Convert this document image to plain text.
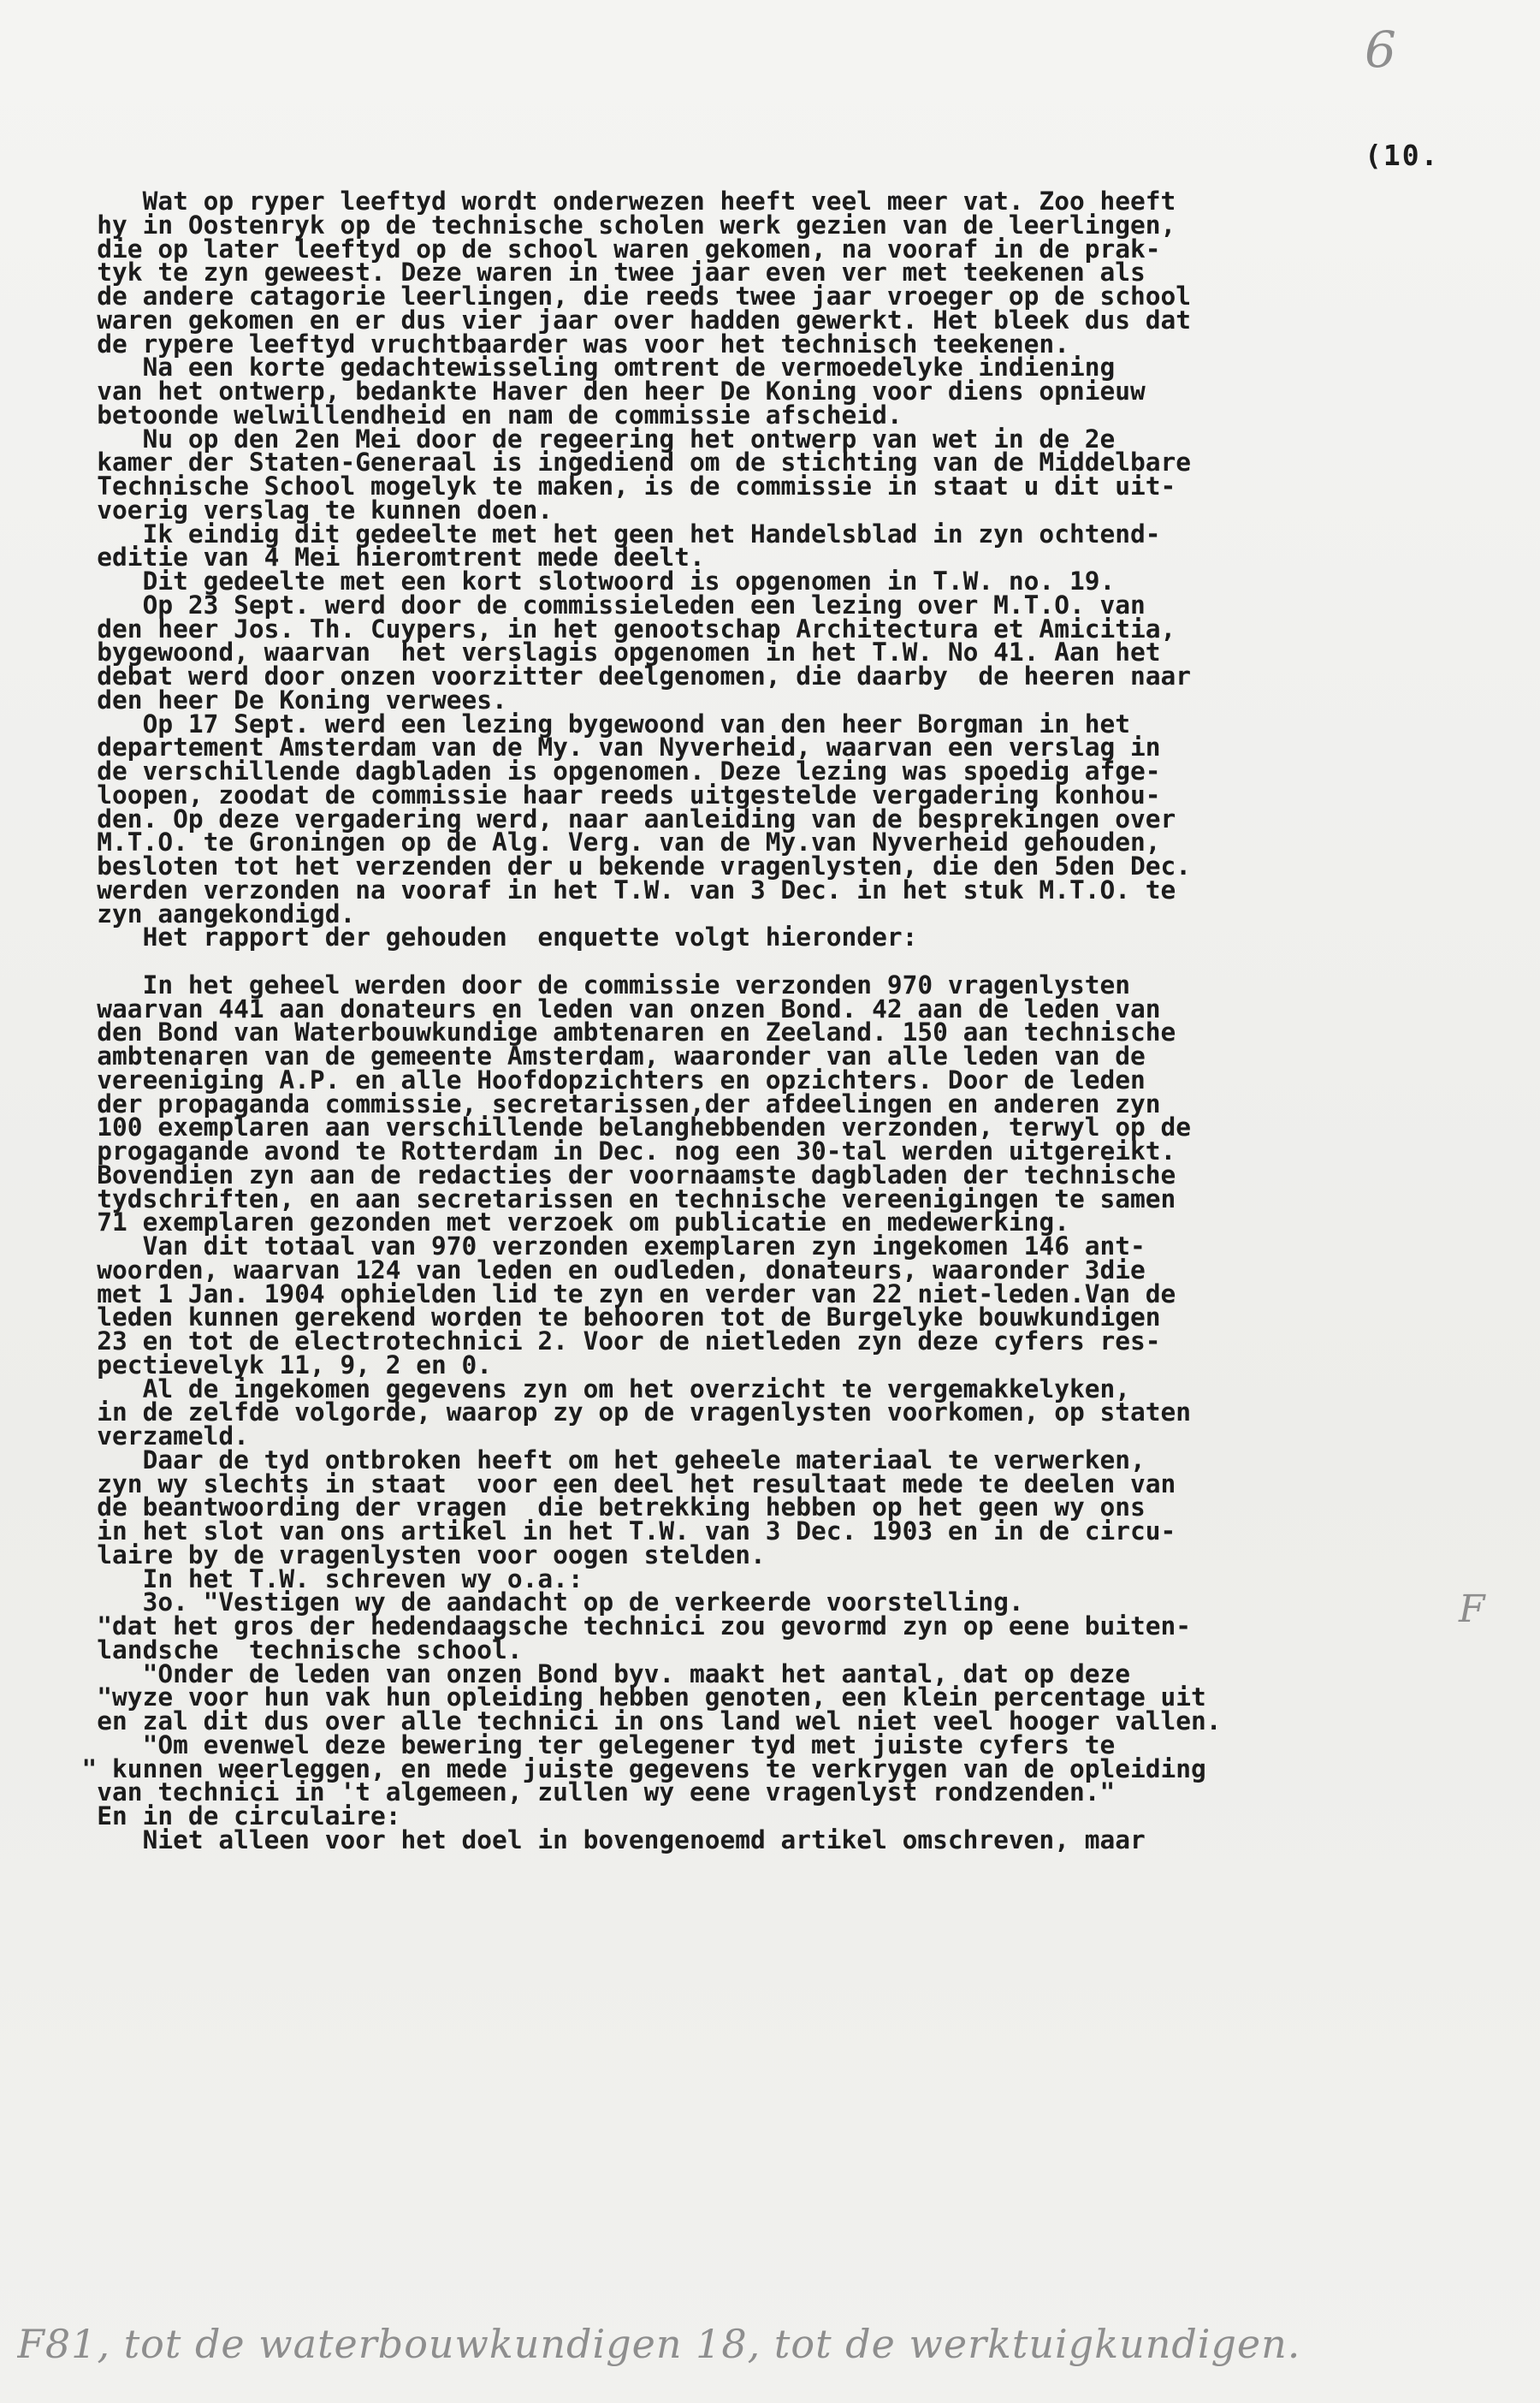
6
(10.
Wat op ryper leeftyd wordt onderwezen heeft veel meer vat. Zoo heeft
hy in Oostenryk op de technische scholen werk gezien van de leerlingen,
die op later leeftyd op de school waren gekomen, na vooraf in de prak-
tyk te zyn geweest. Deze waren in twee jaar even ver met teekenen als
de andere catagorie leerlingen, die reeds twee jaar vroeger op de school
waren gekomen en er dus vier jaar over hadden gewerkt. Het bleek dus dat
de rypere leeftyd vruchtbaarder was voor het technisch teekenen.
Na een korte gedachtewisseling omtrent de vermoedelyke indiening
van het ontwerp, bedankte Haver den heer De Koning voor diens opnieuw
betoonde welwillendheid en nam de commissie afscheid.
Nu op den 2en Mei door de regeering het ontwerp van wet in de 2e
kamer der Staten-Generaal is ingediend om de stichting van de Middelbare
Technische School mogelyk te maken, is de commissie in staat u dit uit-
voerig verslag te kunnen doen.
Ik eindig dit gedeelte met het geen het Handelsblad in zyn ochtend-
editie van 4 Mei hieromtrent mede deelt.
Dit gedeelte met een kort slotwoord is opgenomen in T.W. no. 19.
Op 23 Sept. werd door de commissieleden een lezing over M.T.O. van
den heer Jos. Th. Cuypers, in het genootschap Architectura et Amicitia,
bygewoond, waarvan  het verslagis opgenomen in het T.W. No 41. Aan het
debat werd door onzen voorzitter deelgenomen, die daarby  de heeren naar
den heer De Koning verwees.
Op 17 Sept. werd een lezing bygewoond van den heer Borgman in het
departement Amsterdam van de My. van Nyverheid, waarvan een verslag in
de verschillende dagbladen is opgenomen. Deze lezing was spoedig afge-
loopen, zoodat de commissie haar reeds uitgestelde vergadering konhou-
den. Op deze vergadering werd, naar aanleiding van de besprekingen over
M.T.O. te Groningen op de Alg. Verg. van de My.van Nyverheid gehouden,
besloten tot het verzenden der u bekende vragenlysten, die den 5den Dec.
werden verzonden na vooraf in het T.W. van 3 Dec. in het stuk M.T.O. te
zyn aangekondigd.
Het rapport der gehouden  enquette volgt hieronder:
In het geheel werden door de commissie verzonden 970 vragenlysten
waarvan 441 aan donateurs en leden van onzen Bond. 42 aan de leden van
den Bond van Waterbouwkundige ambtenaren en Zeeland. 150 aan technische
ambtenaren van de gemeente Amsterdam, waaronder van alle leden van de
vereeniging A.P. en alle Hoofdopzichters en opzichters. Door de leden
der propaganda commissie, secretarissen,der afdeelingen en anderen zyn
100 exemplaren aan verschillende belanghebbenden verzonden, terwyl op de
progagande avond te Rotterdam in Dec. nog een 30-tal werden uitgereikt.
Bovendien zyn aan de redacties der voornaamste dagbladen der technische
tydschriften, en aan secretarissen en technische vereenigingen te samen
71 exemplaren gezonden met verzoek om publicatie en medewerking.
Van dit totaal van 970 verzonden exemplaren zyn ingekomen 146 ant-
woorden, waarvan 124 van leden en oudleden, donateurs, waaronder 3die
met 1 Jan. 1904 ophielden lid te zyn en verder van 22 niet-leden.Van de
leden kunnen gerekend worden te behooren tot de Burgelyke bouwkundigen
23 en tot de electrotechnici 2. Voor de nietleden zyn deze cyfers res-
pectievelyk 11, 9, 2 en 0.
Al de ingekomen gegevens zyn om het overzicht te vergemakkelyken,
in de zelfde volgorde, waarop zy op de vragenlysten voorkomen, op staten
verzameld.
Daar de tyd ontbroken heeft om het geheele materiaal te verwerken,
zyn wy slechts in staat  voor een deel het resultaat mede te deelen van
de beantwoording der vragen  die betrekking hebben op het geen wy ons
in het slot van ons artikel in het T.W. van 3 Dec. 1903 en in de circu-
laire by de vragenlysten voor oogen stelden.
In het T.W. schreven wy o.a.:
3o. "Vestigen wy de aandacht op de verkeerde voorstelling.
"dat het gros der hedendaagsche technici zou gevormd zyn op eene buiten-
landsche  technische school.
"Onder de leden van onzen Bond byv. maakt het aantal, dat op deze
"wyze voor hun vak hun opleiding hebben genoten, een klein percentage uit
en zal dit dus over alle technici in ons land wel niet veel hooger vallen.
"Om evenwel deze bewering ter gelegener tyd met juiste cyfers te
" kunnen weerleggen, en mede juiste gegevens te verkrygen van de opleiding
van technici in 't algemeen, zullen wy eene vragenlyst rondzenden."
En in de circulaire:
Niet alleen voor het doel in bovengenoemd artikel omschreven, maar
F
F81, tot de waterbouwkundigen 18, tot de werktuigkundigen.
